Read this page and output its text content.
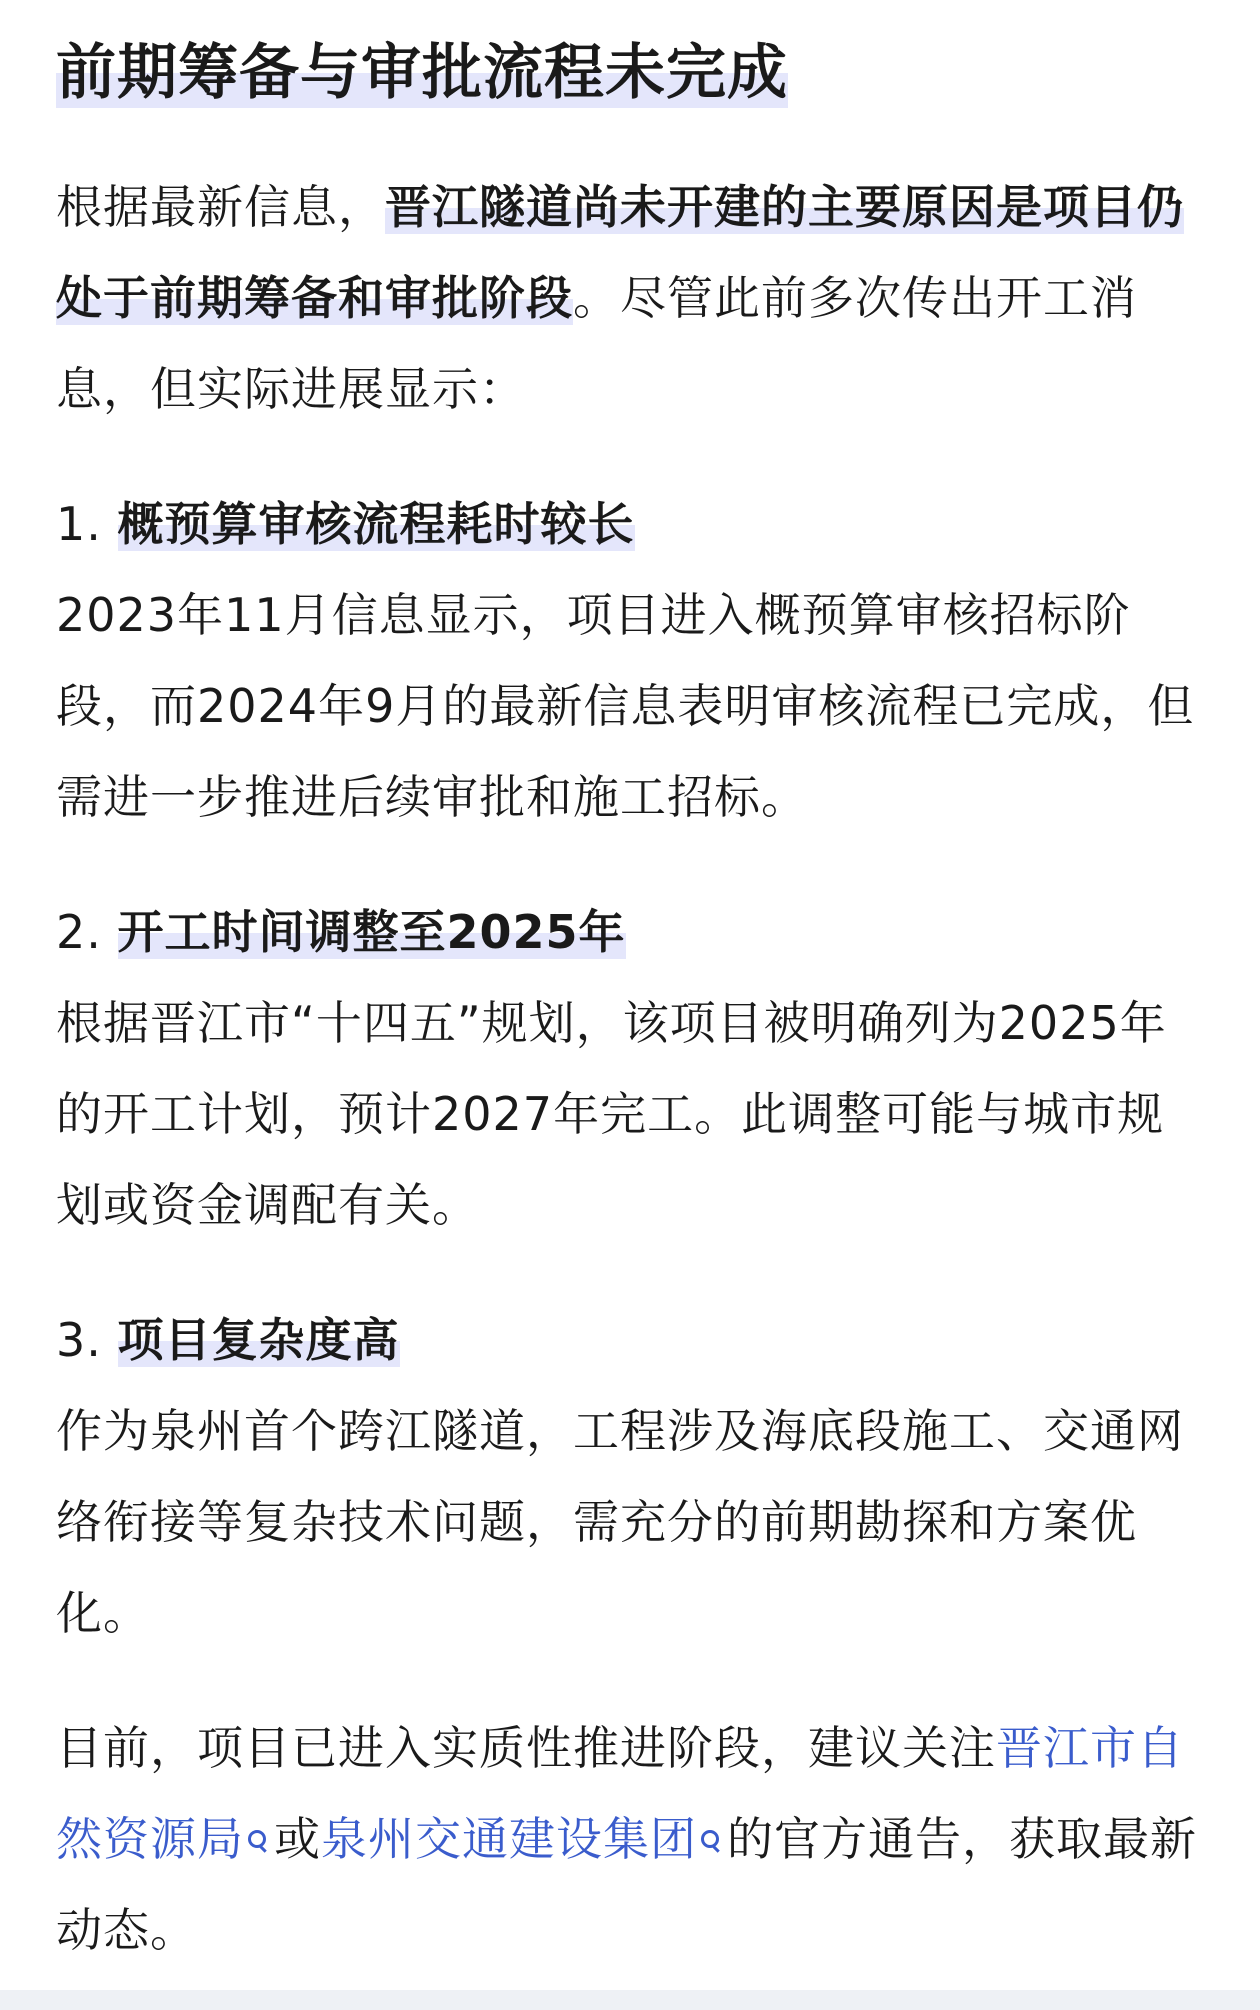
前期筹备与审批流程未完成

根据最新信息，晋江隧道尚未开建的主要原因是项目仍处于前期筹备和审批阶段。尽管此前多次传出开工消息，但实际进展显示：

1. 概预算审核流程耗时较长

2023年11月信息显示，项目进入概预算审核招标阶段，而2024年9月的最新信息表明审核流程已完成，但需进一步推进后续审批和施工招标。

2. 开工时间调整至2025年

根据晋江市“十四五”规划，该项目被明确列为2025年的开工计划，预计2027年完工。此调整可能与城市规划或资金调配有关。

3. 项目复杂度高

作为泉州首个跨江隧道，工程涉及海底段施工、交通网络衔接等复杂技术问题，需充分的前期勘探和方案优化。

目前，项目已进入实质性推进阶段，建议关注晋江市自然资源局 或泉州交通建设集团 的官方通告，获取最新动态。
